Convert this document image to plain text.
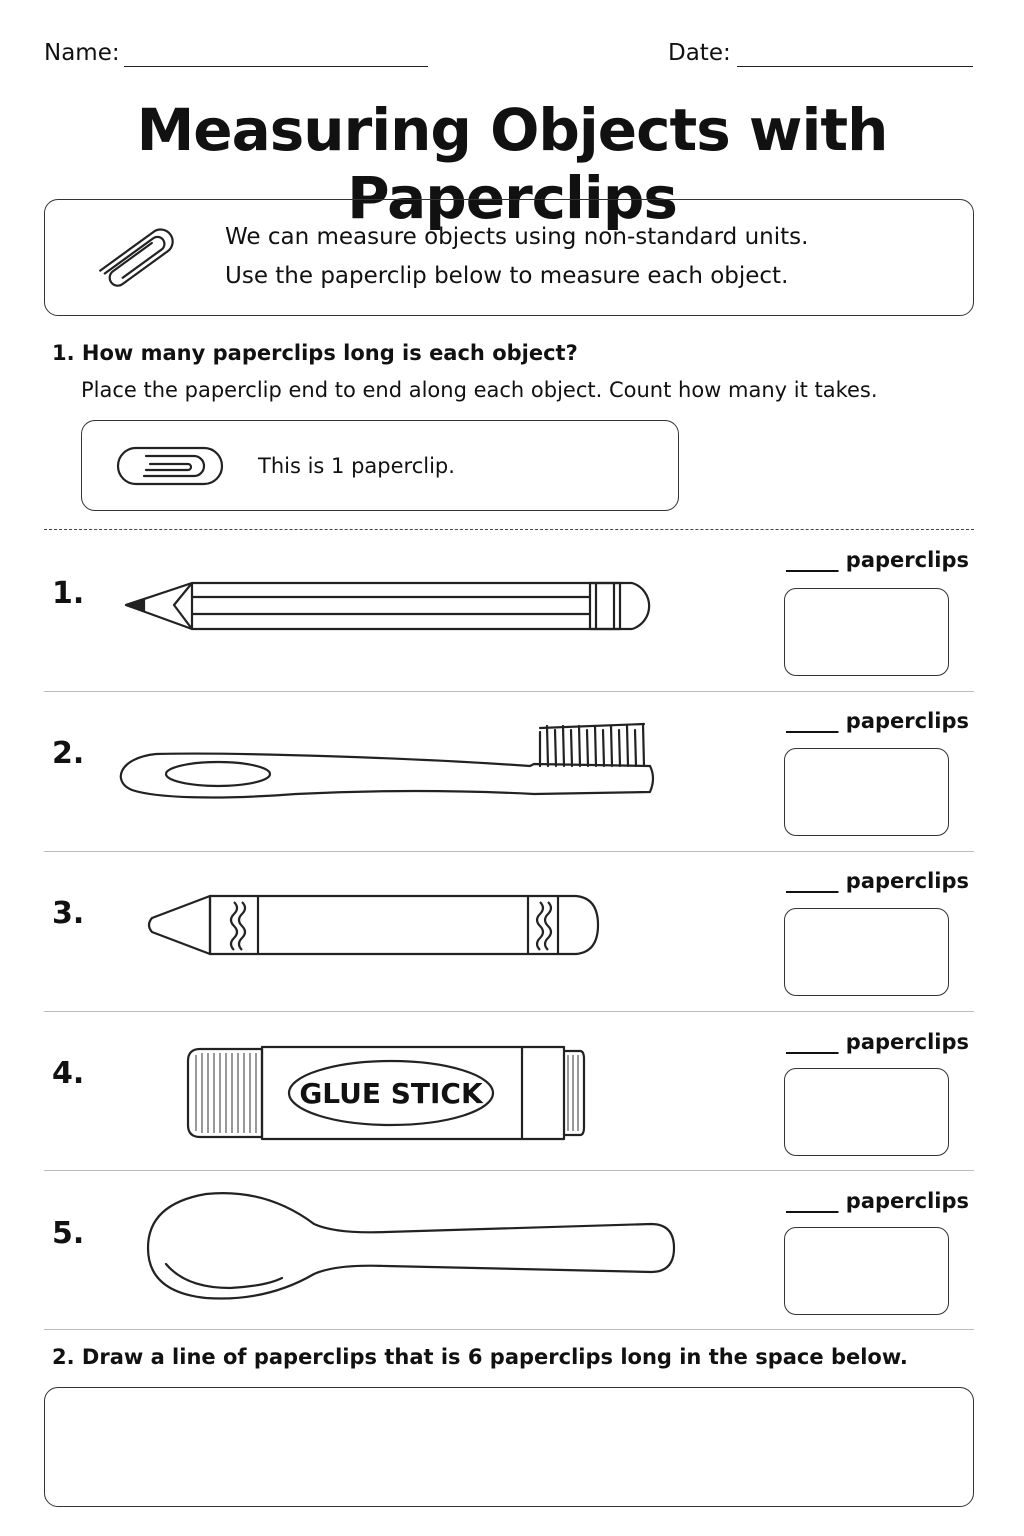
Name:	Date:
Measuring Objects with Paperclips
We can measure objects using non-standard units.
Use the paperclip below to measure each object.
1. How many paperclips long is each object?
Place the paperclip end to end along each object. Count how many it takes.
This is 1 paperclip.
1.
_____ paperclips
2.
_____ paperclips
3.
_____ paperclips
4.
GLUE STICK
_____ paperclips
5.
_____ paperclips
2. Draw a line of paperclips that is 6 paperclips long in the space below.
